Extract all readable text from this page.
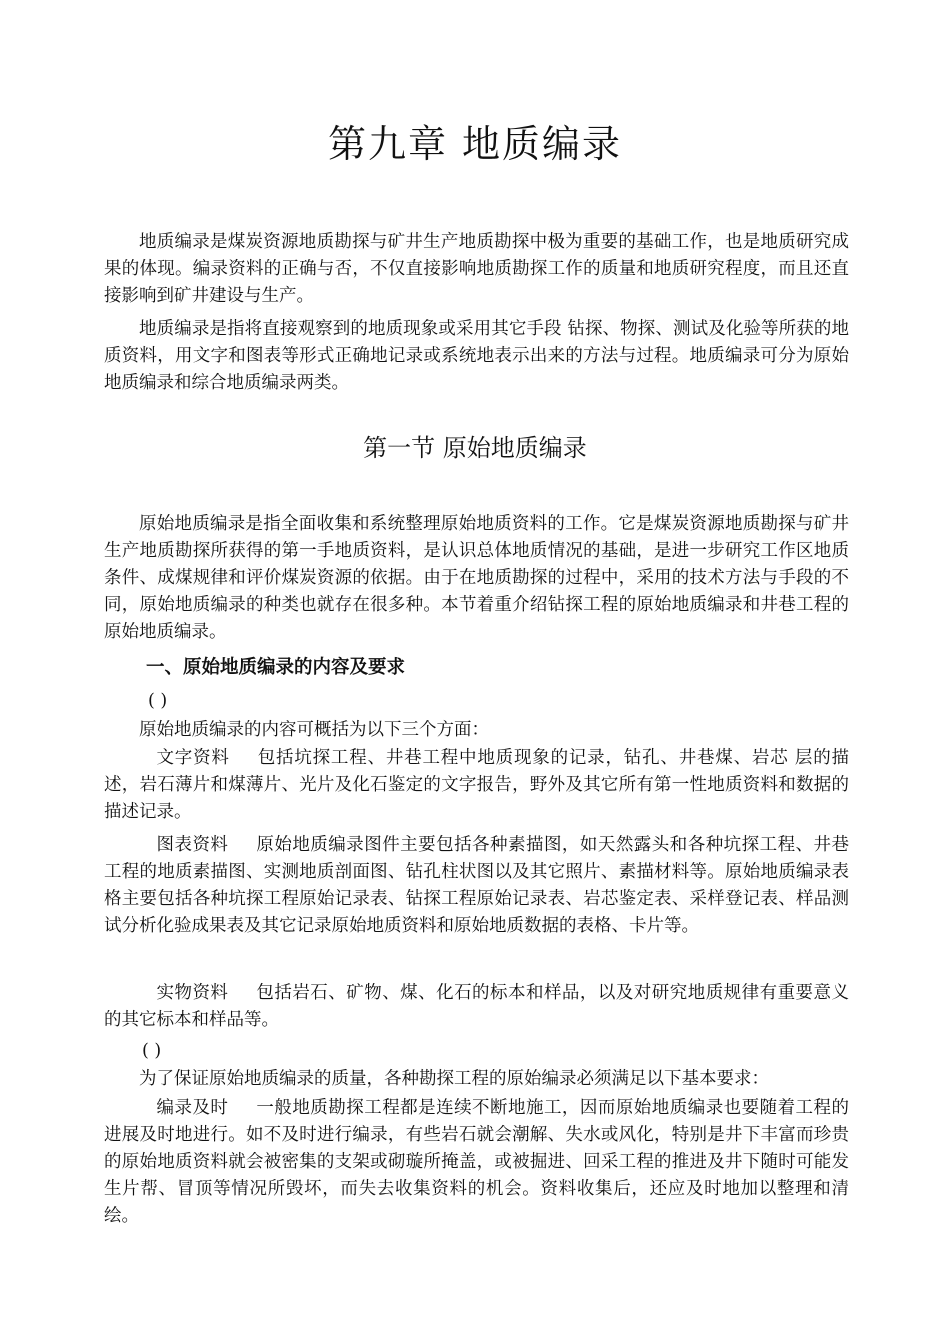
第九章 地质编录

地质编录是煤炭资源地质勘探与矿井生产地质勘探中极为重要的基础工作，也是地质研究成果的体现。编录资料的正确与否，不仅直接影响地质勘探工作的质量和地质研究程度，而且还直接影响到矿井建设与生产。

地质编录是指将直接观察到的地质现象或采用其它手段 钻探、物探、测试及化验等所获的地质资料，用文字和图表等形式正确地记录或系统地表示出来的方法与过程。地质编录可分为原始地质编录和综合地质编录两类。

第一节 原始地质编录

原始地质编录是指全面收集和系统整理原始地质资料的工作。它是煤炭资源地质勘探与矿井生产地质勘探所获得的第一手地质资料，是认识总体地质情况的基础，是进一步研究工作区地质条件、成煤规律和评价煤炭资源的依据。由于在地质勘探的过程中，采用的技术方法与手段的不同，原始地质编录的种类也就存在很多种。本节着重介绍钻探工程的原始地质编录和井巷工程的原始地质编录。

一、原始地质编录的内容及要求
( )

原始地质编录的内容可概括为以下三个方面：

文字资料 包括坑探工程、井巷工程中地质现象的记录，钻孔、井巷煤、岩芯 层的描述，岩石薄片和煤薄片、光片及化石鉴定的文字报告，野外及其它所有第一性地质资料和数据的描述记录。

图表资料 原始地质编录图件主要包括各种素描图，如天然露头和各种坑探工程、井巷工程的地质素描图、实测地质剖面图、钻孔柱状图以及其它照片、素描材料等。原始地质编录表格主要包括各种坑探工程原始记录表、钻探工程原始记录表、岩芯鉴定表、采样登记表、样品测试分析化验成果表及其它记录原始地质资料和原始地质数据的表格、卡片等。

实物资料 包括岩石、矿物、煤、化石的标本和样品，以及对研究地质规律有重要意义的其它标本和样品等。

( )

为了保证原始地质编录的质量，各种勘探工程的原始编录必须满足以下基本要求：

编录及时 一般地质勘探工程都是连续不断地施工，因而原始地质编录也要随着工程的进展及时地进行。如不及时进行编录，有些岩石就会潮解、失水或风化，特别是井下丰富而珍贵的原始地质资料就会被密集的支架或砌璇所掩盖，或被掘进、回采工程的推进及井下随时可能发生片帮、冒顶等情况所毁坏，而失去收集资料的机会。资料收集后，还应及时地加以整理和清绘。
